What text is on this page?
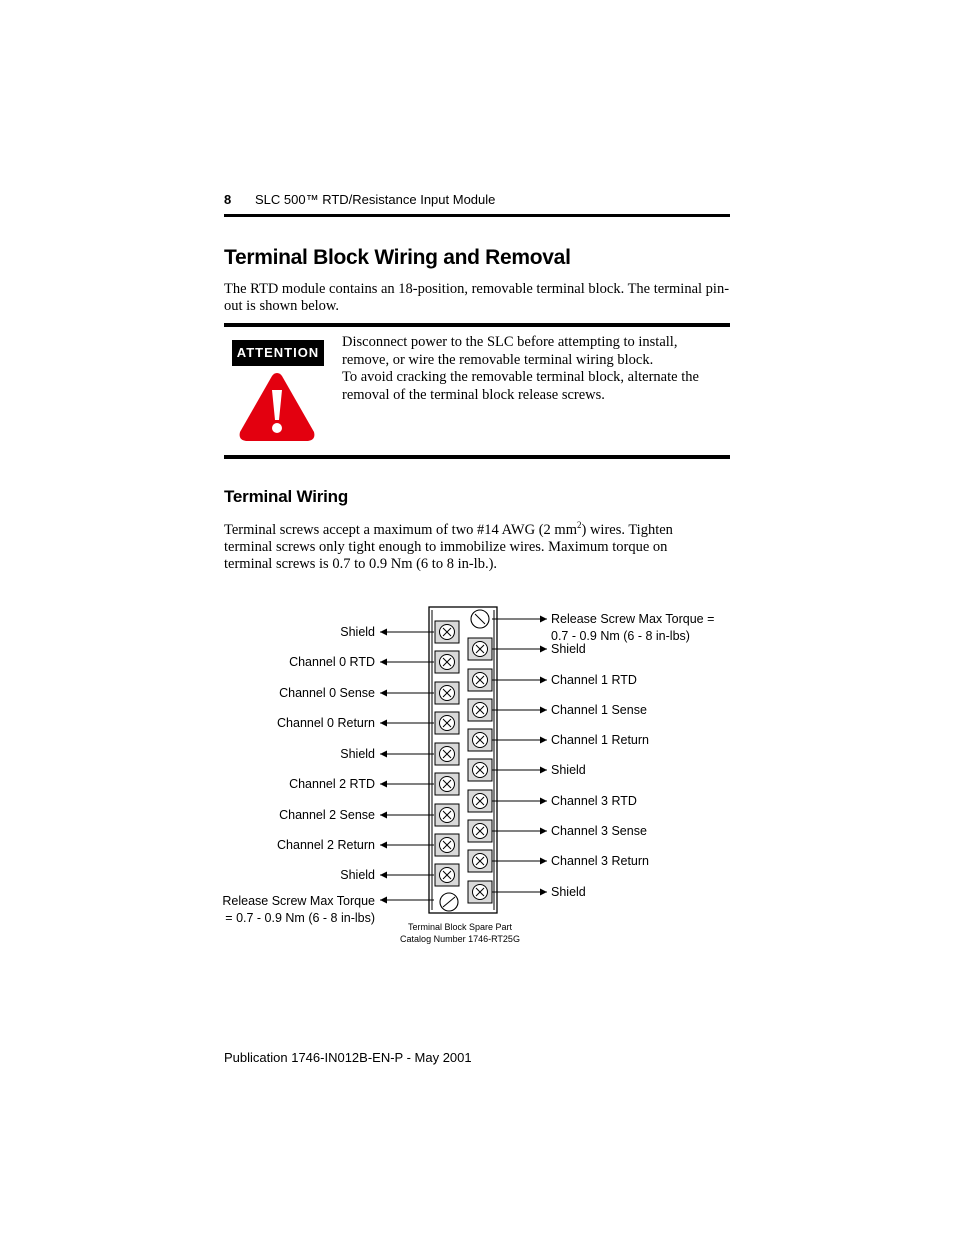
8 SLC 500™ RTD/Resistance Input Module
Terminal Block Wiring and Removal
The RTD module contains an 18-position, removable terminal block. The terminal pin-out is shown below.
ATTENTION
Disconnect power to the SLC before attempting to install, remove, or wire the removable terminal wiring block.
To avoid cracking the removable terminal block, alternate the removal of the terminal block release screws.
Terminal Wiring
Terminal screws accept a maximum of two #14 AWG (2 $mm^2$) wires. Tighten terminal screws only tight enough to immobilize wires. Maximum torque on terminal screws is 0.7 to 0.9 Nm (6 to 8 in-lb.).
Shield
Channel 0 RTD
Channel 0 Sense
Channel 0 Return
Shield
Channel 2 RTD
Channel 2 Sense
Channel 2 Return
Shield
Shield
Channel 1 RTD
Channel 1 Sense
Channel 1 Return
Shield
Channel 3 RTD
Channel 3 Sense
Channel 3 Return
Shield
Release Screw Max Torque
= 0.7 - 0.9 Nm (6 - 8 in-lbs)
Release Screw Max Torque =
0.7 - 0.9 Nm (6 - 8 in-lbs)
Terminal Block Spare Part
Catalog Number 1746-RT25G
Publication 1746-IN012B-EN-P - May 2001
